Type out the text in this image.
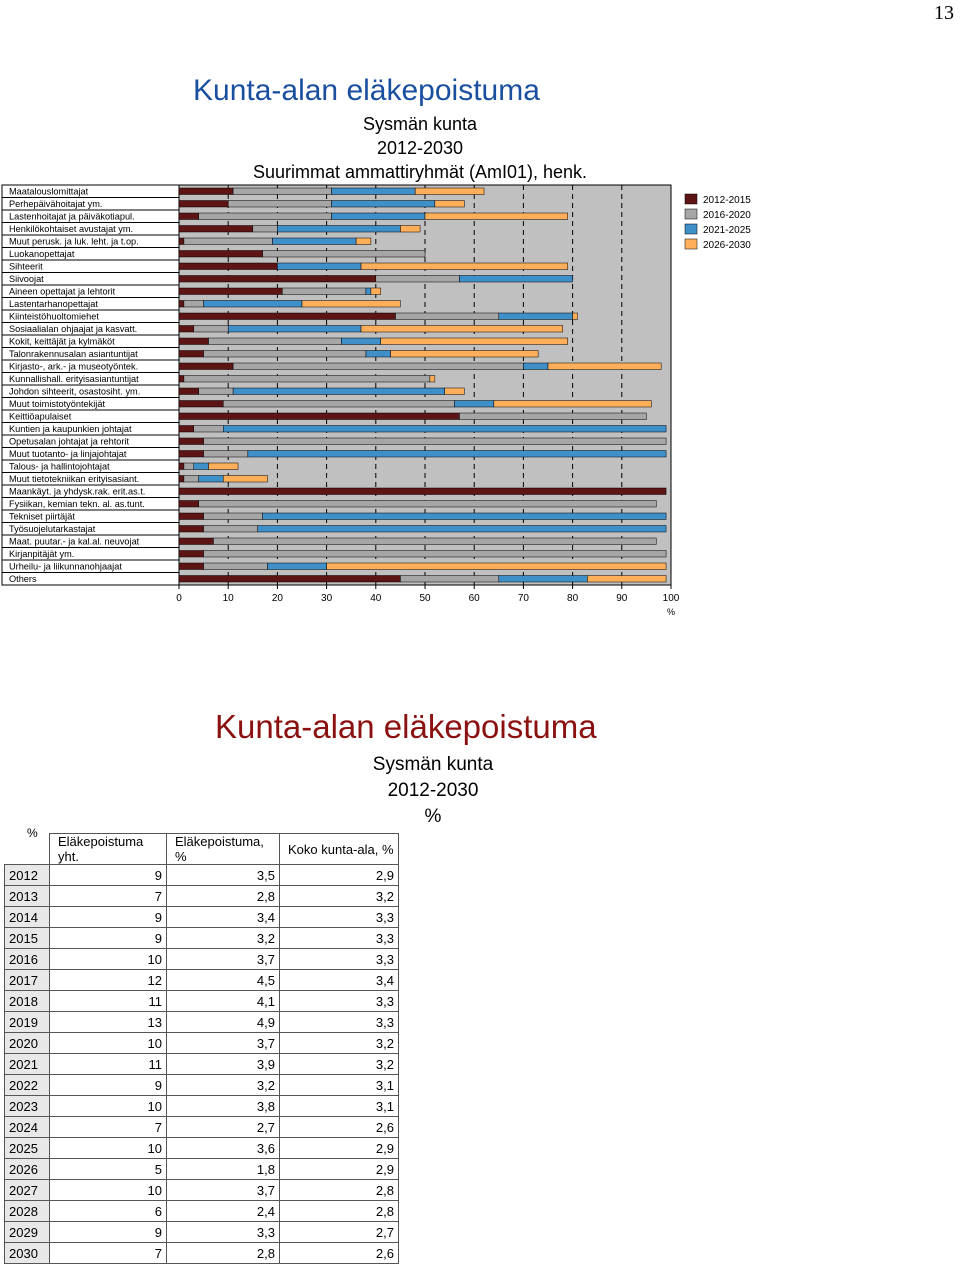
13
Kunta-alan eläkepoistuma
Sysmän kunta
2012-2030
Suurimmat ammattiryhmät (AmI01), henk.
0	10	20	30	40	50	60	70	80	90	100
%
Maatalouslomittajat
Perhepäivähoitajat ym.
Lastenhoitajat ja päiväkotiapul.
Henkilökohtaiset avustajat ym.
Muut perusk. ja luk. leht. ja t.op.
Luokanopettajat
Sihteerit
Siivoojat
Aineen opettajat ja lehtorit
Lastentarhanopettajat
Kiinteistöhuoltomiehet
Sosiaalialan ohjaajat ja kasvatt.
Kokit, keittäjät ja kylmäköt
Talonrakennusalan asiantuntijat
Kirjasto-, ark.- ja museotyöntek.
Kunnallishall. erityisasiantuntijat
Johdon sihteerit, osastosiht. ym.
Muut toimistotyöntekijät
Keittiöapulaiset
Kuntien ja kaupunkien johtajat
Opetusalan johtajat ja rehtorit
Muut tuotanto- ja linjajohtajat
Talous- ja hallintojohtajat
Muut tietotekniikan erityisasiant.
Maankäyt. ja yhdysk.rak. erit.as.t.
Fysiikan, kemian tekn. al. as.tunt.
Tekniset piirtäjät
Työsuojelutarkastajat
Maat. puutar.- ja kal.al. neuvojat
Kirjanpitäjät ym.
Urheilu- ja liikunnanohjaajat
Others
2012-2015
2016-2020
2021-2025
2026-2030
Kunta-alan eläkepoistuma
Sysmän kunta
2012-2030
%
%
	Eläkepoistuma yht.	Eläkepoistuma, %	Koko kunta-ala, %
2012	9	3,5	2,9
2013	7	2,8	3,2
2014	9	3,4	3,3
2015	9	3,2	3,3
2016	10	3,7	3,3
2017	12	4,5	3,4
2018	11	4,1	3,3
2019	13	4,9	3,3
2020	10	3,7	3,2
2021	11	3,9	3,2
2022	9	3,2	3,1
2023	10	3,8	3,1
2024	7	2,7	2,6
2025	10	3,6	2,9
2026	5	1,8	2,9
2027	10	3,7	2,8
2028	6	2,4	2,8
2029	9	3,3	2,7
2030	7	2,8	2,6
